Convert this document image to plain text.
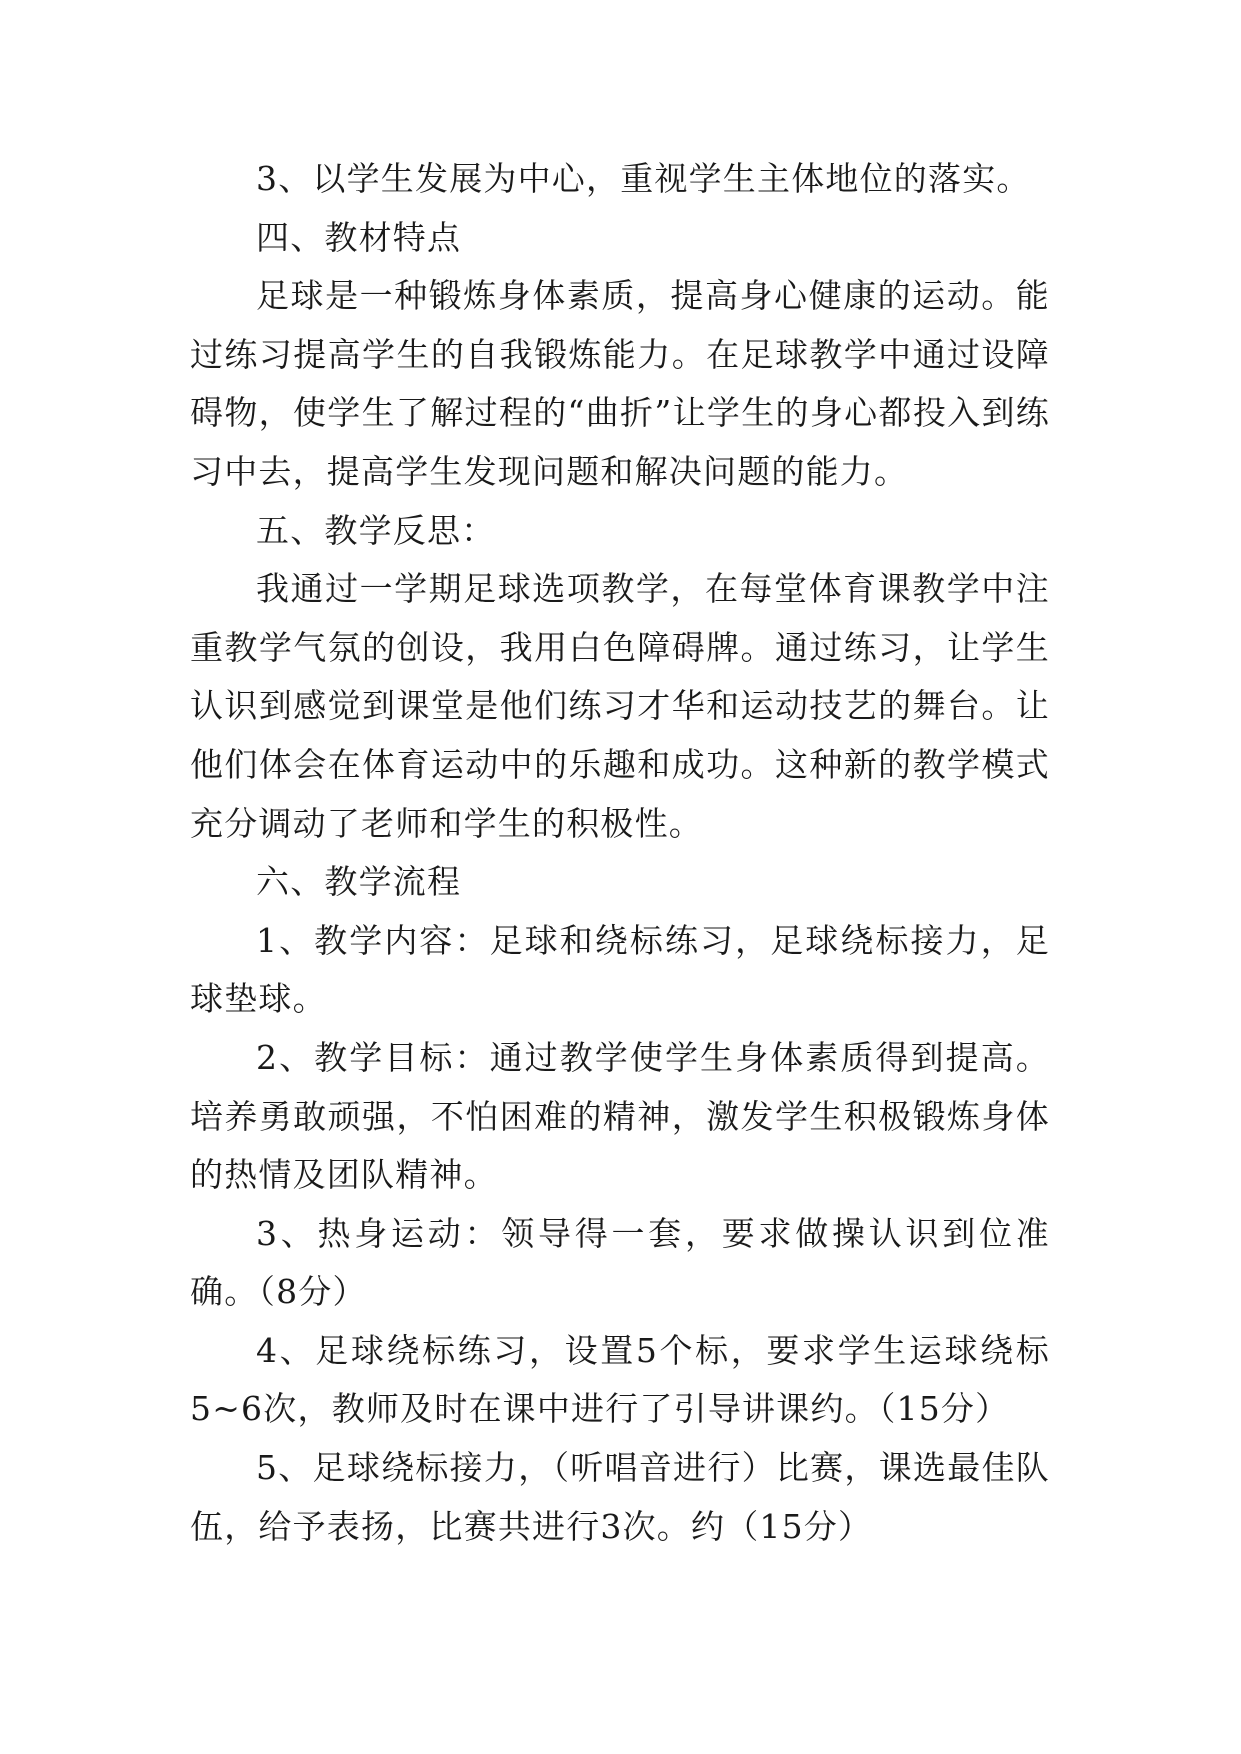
3、以学生发展为中心，重视学生主体地位的落实。

四、教材特点

足球是一种锻炼身体素质，提高身心健康的运动。能过练习提高学生的自我锻炼能力。在足球教学中通过设障碍物，使学生了解过程的“曲折”让学生的身心都投入到练习中去，提高学生发现问题和解决问题的能力。

五、教学反思：

我通过一学期足球选项教学，在每堂体育课教学中注重教学气氛的创设，我用白色障碍牌。通过练习，让学生认识到感觉到课堂是他们练习才华和运动技艺的舞台。让他们体会在体育运动中的乐趣和成功。这种新的教学模式充分调动了老师和学生的积极性。

六、教学流程

1、教学内容：足球和绕标练习，足球绕标接力，足球垫球。

2、教学目标：通过教学使学生身体素质得到提高。培养勇敢顽强，不怕困难的精神，激发学生积极锻炼身体的热情及团队精神。

3、热身运动：领导得一套，要求做操认识到位准确。（8分）

4、足球绕标练习，设置5个标，要求学生运球绕标5~6次，教师及时在课中进行了引导讲课约。（15分）

5、足球绕标接力，（听唱音进行）比赛，课选最佳队伍，给予表扬，比赛共进行3次。约（15分）
